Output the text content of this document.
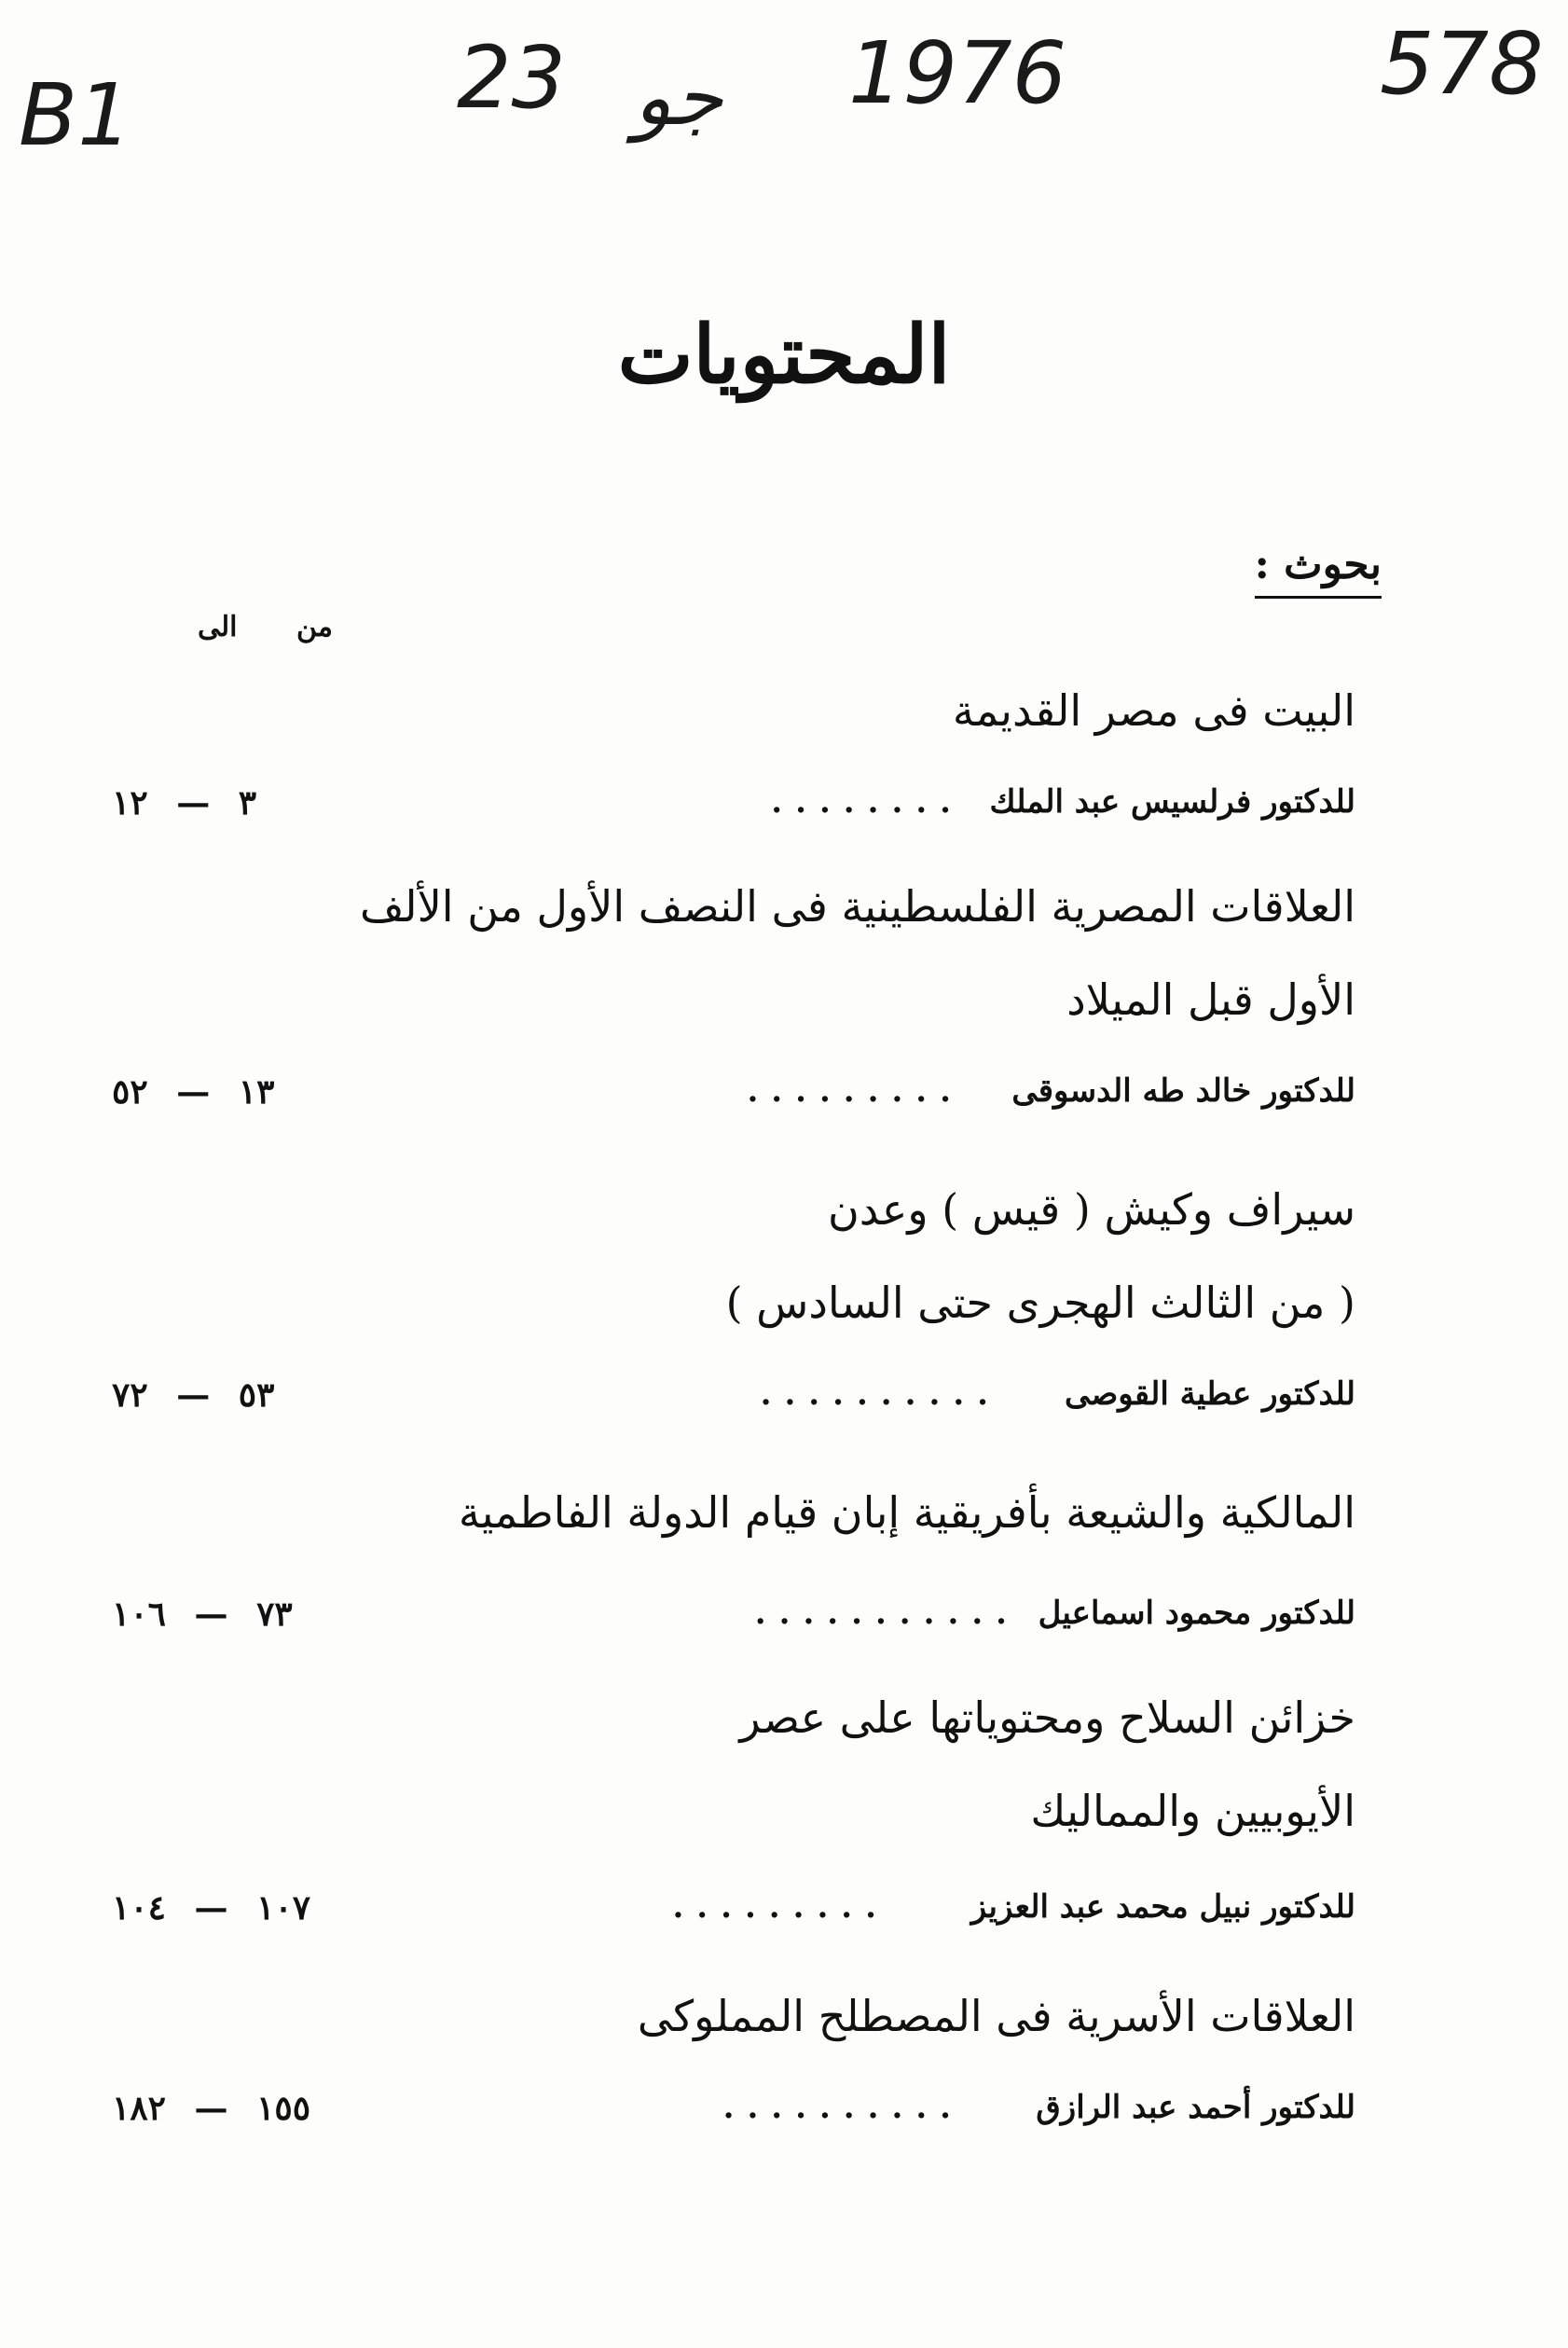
B1	23 جو 1976	578
المحتويات
بحوث :
من
الى

البيت فى مصر القديمة

للدكتور فرلسيس عبد الملك
........
٣ — ١٢

العلاقات المصرية الفلسطينية فى النصف الأول من الألف

الأول قبل الميلاد

للدكتور خالد طه الدسوقى
.........
١٣ — ٥٢

سيراف وكيش ( قيس ) وعدن

( من الثالث الهجرى حتى السادس )

للدكتور عطية القوصى
..........
٥٣ — ٧٢

المالكية والشيعة بأفريقية إبان قيام الدولة الفاطمية

للدكتور محمود اسماعيل
...........
٧٣ — ١٠٦

خزائن السلاح ومحتوياتها على عصر

الأيوبيين والمماليك

للدكتور نبيل محمد عبد العزيز
.........
١٠٧ — ١٠٤

العلاقات الأسرية فى المصطلح المملوكى

للدكتور أحمد عبد الرازق
..........
١٥٥ — ١٨٢
